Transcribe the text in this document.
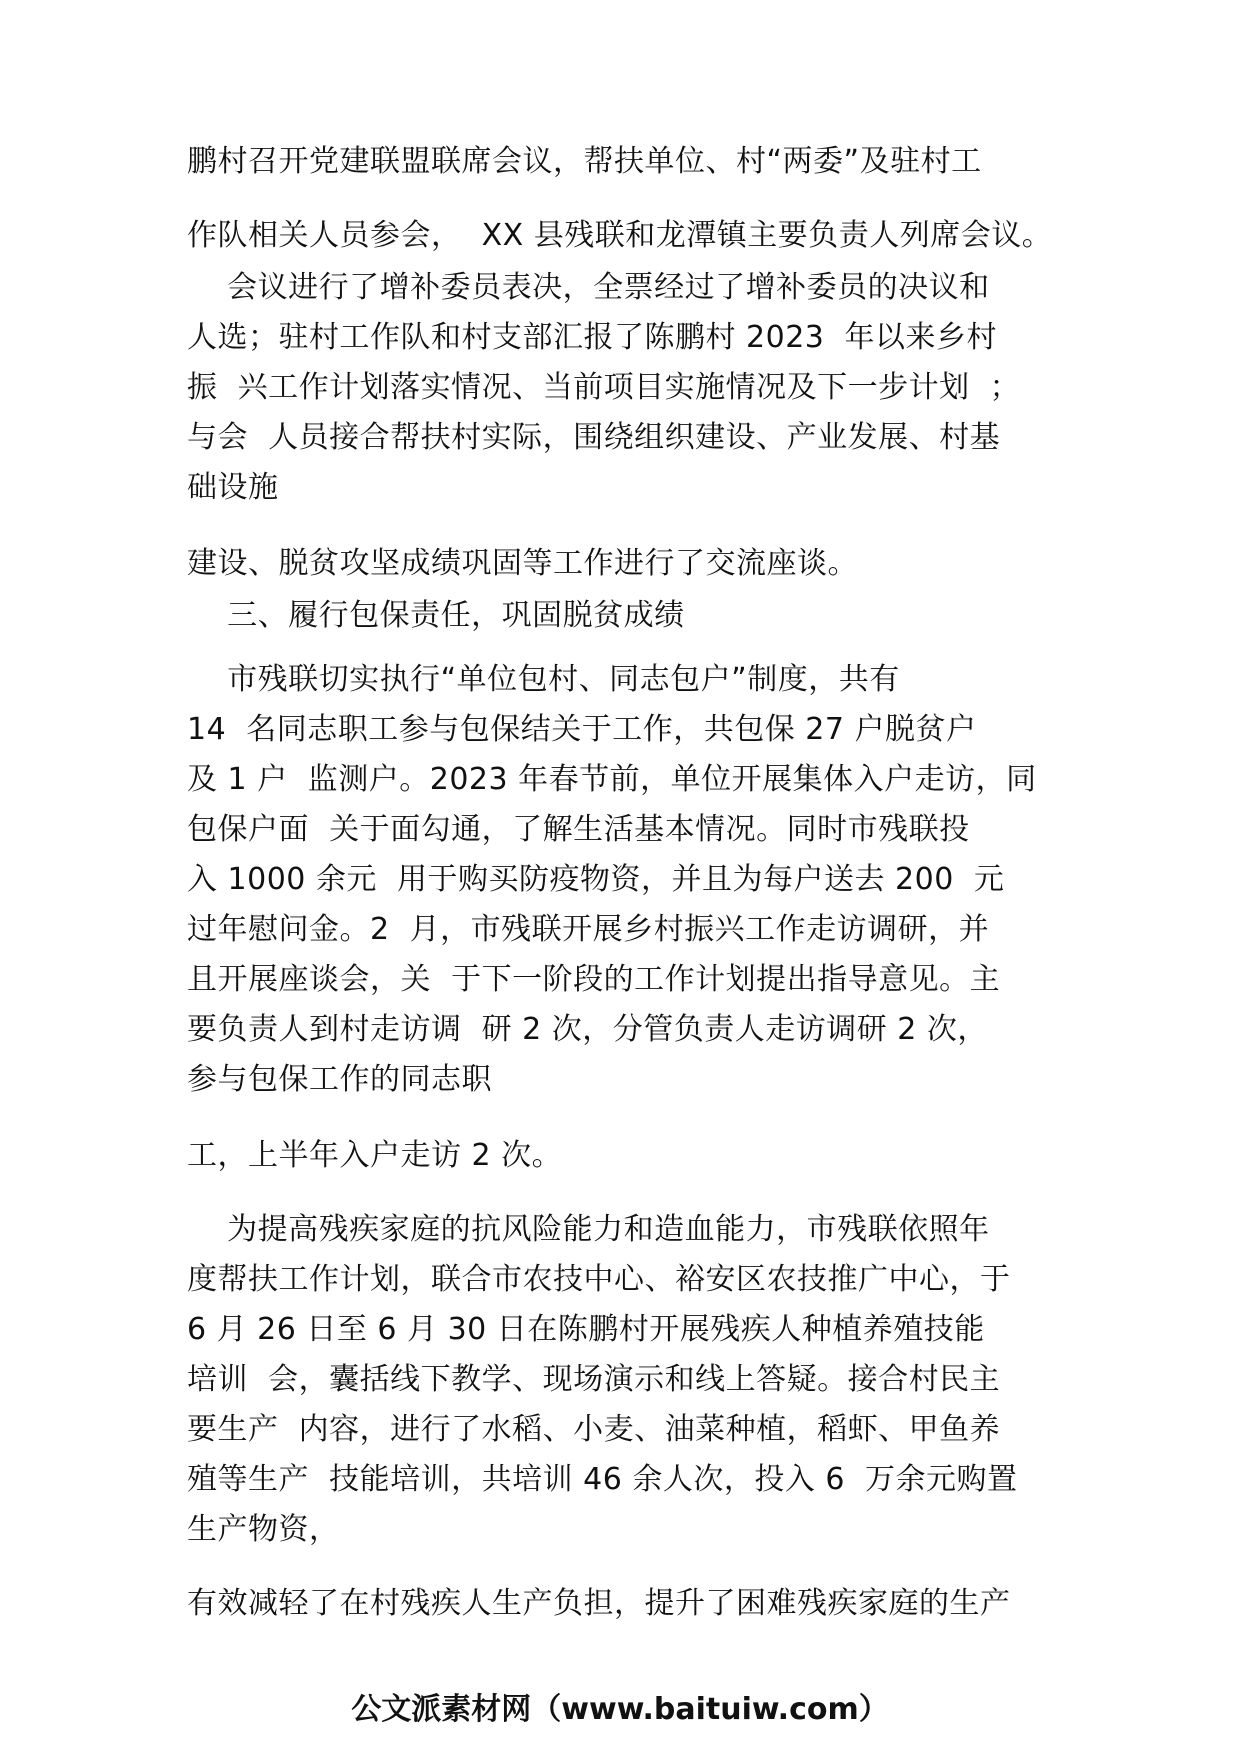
鹏村召开党建联盟联席会议，帮扶单位、村“两委”及驻村工
作队相关人员参会，  XX 县残联和龙潭镇主要负责人列席会议。
会议进行了增补委员表决，全票经过了增补委员的决议和
人选；驻村工作队和村支部汇报了陈鹏村 2023  年以来乡村
振  兴工作计划落实情况、当前项目实施情况及下一步计划  ；
与会  人员接合帮扶村实际，围绕组织建设、产业发展、村基
础设施
建设、脱贫攻坚成绩巩固等工作进行了交流座谈。
三、履行包保责任，巩固脱贫成绩
市残联切实执行“单位包村、同志包户”制度，共有
14  名同志职工参与包保结关于工作，共包保 27 户脱贫户
及 1 户  监测户。2023 年春节前，单位开展集体入户走访，同
包保户面  关于面勾通，了解生活基本情况。同时市残联投
入 1000 余元  用于购买防疫物资，并且为每户送去 200  元
过年慰问金。2  月，市残联开展乡村振兴工作走访调研，并
且开展座谈会，关  于下一阶段的工作计划提出指导意见。主
要负责人到村走访调  研 2 次，分管负责人走访调研 2 次，
参与包保工作的同志职
工，上半年入户走访 2 次。
为提高残疾家庭的抗风险能力和造血能力，市残联依照年
度帮扶工作计划，联合市农技中心、裕安区农技推广中心，于
6 月 26 日至 6 月 30 日在陈鹏村开展残疾人种植养殖技能
培训  会，囊括线下教学、现场演示和线上答疑。接合村民主
要生产  内容，进行了水稻、小麦、油菜种植，稻虾、甲鱼养
殖等生产  技能培训，共培训 46 余人次，投入 6  万余元购置
生产物资，
有效减轻了在村残疾人生产负担，提升了困难残疾家庭的生产
公文派素材网（www.baituiw.com）
